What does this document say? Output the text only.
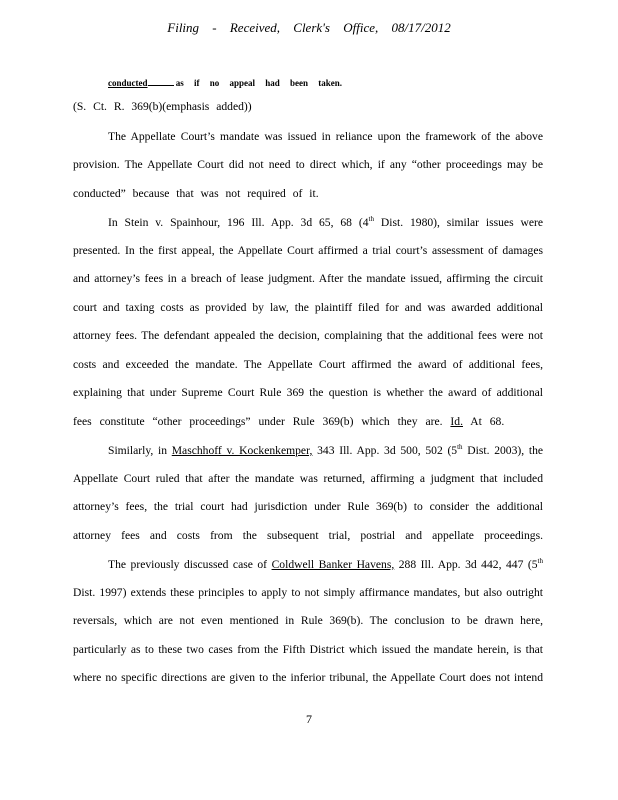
Filing - Received, Clerk's Office, 08/17/2012
conducted	as if no appeal had been taken.
(S. Ct. R. 369(b)(emphasis added))
The Appellate Court’s mandate was issued in reliance upon the framework of the above
provision. The Appellate Court did not need to direct which, if any “other proceedings may be
conducted” because that was not required of it.
In Stein v. Spainhour, 196 Ill. App. 3d 65, 68 (4th Dist. 1980), similar issues were
presented. In the first appeal, the Appellate Court affirmed a trial court’s assessment of damages
and attorney’s fees in a breach of lease judgment. After the mandate issued, affirming the circuit
court and taxing costs as provided by law, the plaintiff filed for and was awarded additional
attorney fees. The defendant appealed the decision, complaining that the additional fees were not
costs and exceeded the mandate. The Appellate Court affirmed the award of additional fees,
explaining that under Supreme Court Rule 369 the question is whether the award of additional
fees constitute “other proceedings” under Rule 369(b) which they are. Id. At 68.
Similarly, in Maschhoff v. Kockenkemper, 343 Ill. App. 3d 500, 502 (5th Dist. 2003), the
Appellate Court ruled that after the mandate was returned, affirming a judgment that included
attorney’s fees, the trial court had jurisdiction under Rule 369(b) to consider the additional
attorney fees and costs from the subsequent trial, postrial and appellate proceedings.
The previously discussed case of Coldwell Banker Havens, 288 Ill. App. 3d 442, 447 (5th
Dist. 1997) extends these principles to apply to not simply affirmance mandates, but also outright
reversals, which are not even mentioned in Rule 369(b). The conclusion to be drawn here,
particularly as to these two cases from the Fifth District which issued the mandate herein, is that
where no specific directions are given to the inferior tribunal, the Appellate Court does not intend
7
